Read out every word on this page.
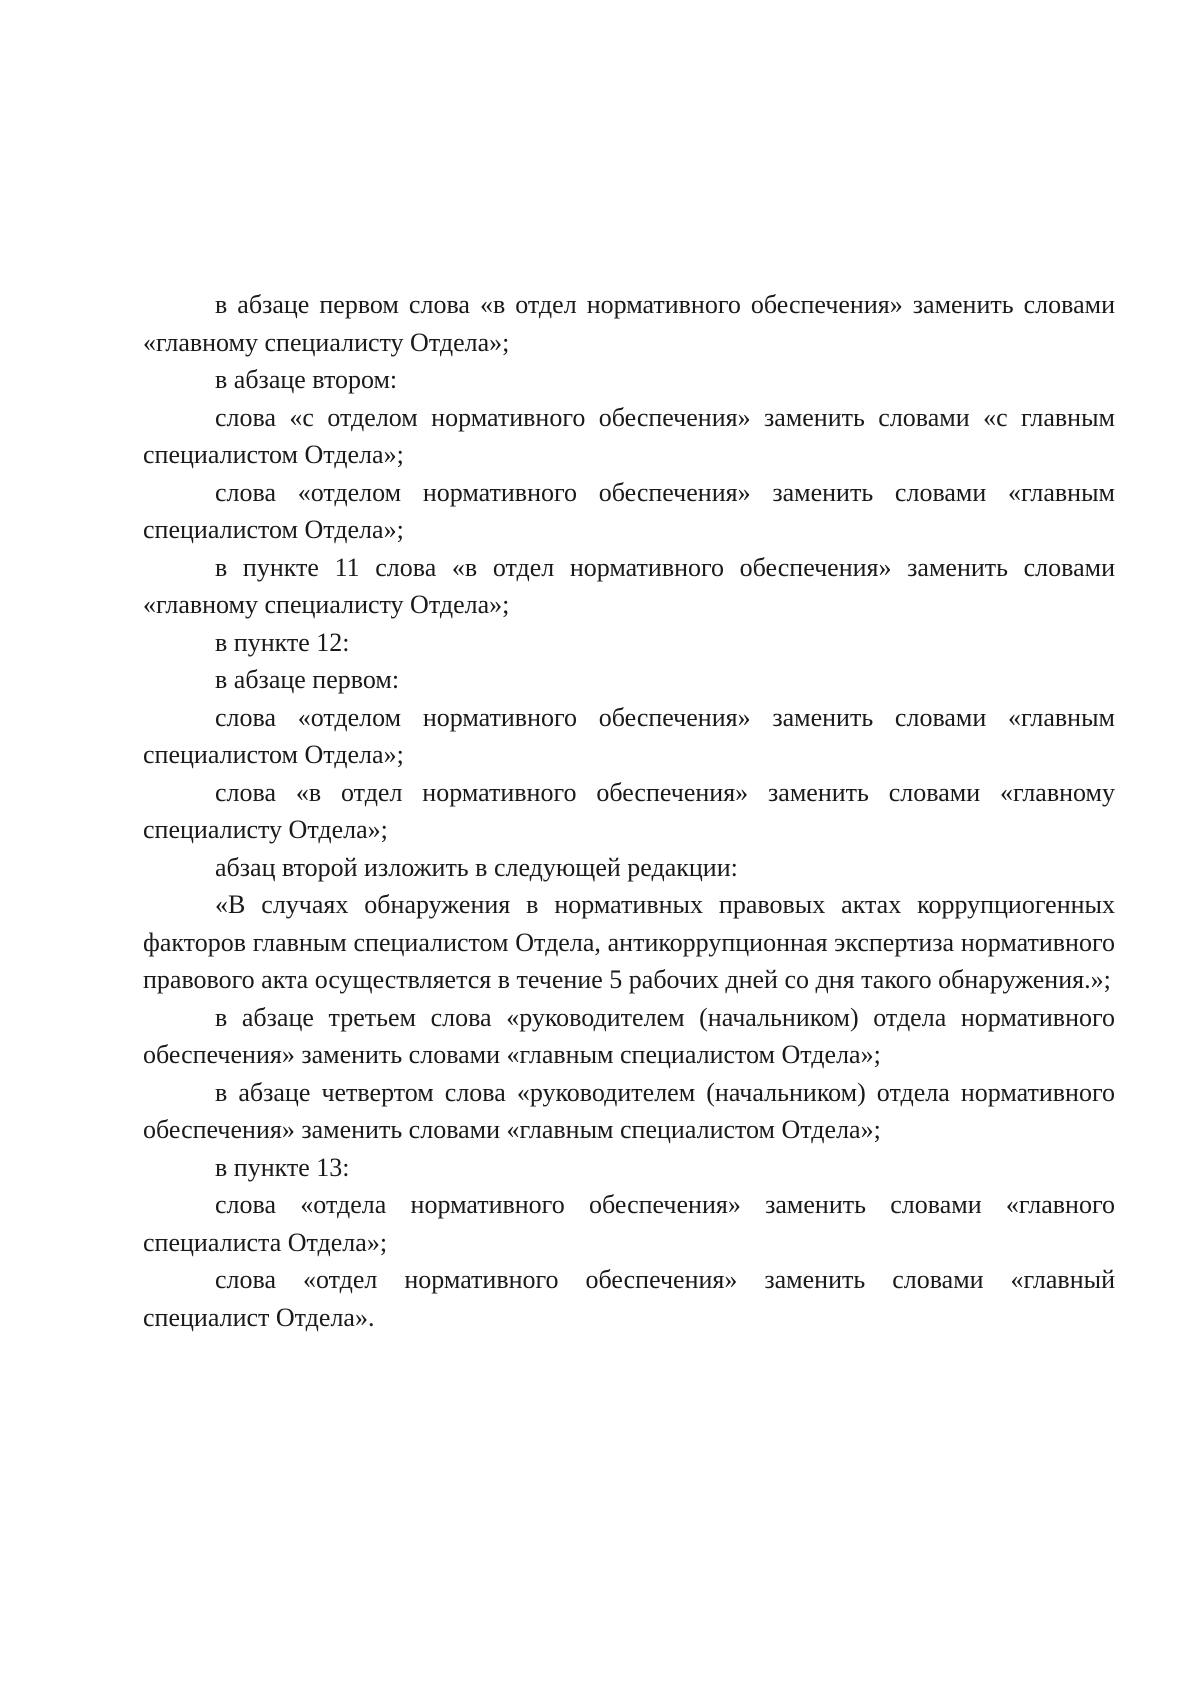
в абзаце первом слова «в отдел нормативного обеспечения» заменить словами «главному специалисту Отдела»;

в абзаце втором:

слова «с отделом нормативного обеспечения» заменить словами «с главным специалистом Отдела»;

слова «отделом нормативного обеспечения» заменить словами «главным специалистом Отдела»;

в пункте 11 слова «в отдел нормативного обеспечения» заменить словами «главному специалисту Отдела»;

в пункте 12:

в абзаце первом:

слова «отделом нормативного обеспечения» заменить словами «главным специалистом Отдела»;

слова «в отдел нормативного обеспечения» заменить словами «главному специалисту Отдела»;

абзац второй изложить в следующей редакции:

«В случаях обнаружения в нормативных правовых актах коррупциогенных факторов главным специалистом Отдела, антикоррупционная экспертиза нормативного правового акта осуществляется в течение 5 рабочих дней со дня такого обнаружения.»;

в абзаце третьем слова «руководителем (начальником) отдела нормативного обеспечения» заменить словами «главным специалистом Отдела»;

в абзаце четвертом слова «руководителем (начальником) отдела нормативного обеспечения» заменить словами «главным специалистом Отдела»;

в пункте 13:

слова «отдела нормативного обеспечения» заменить словами «главного специалиста Отдела»;

слова «отдел нормативного обеспечения» заменить словами «главный специалист Отдела».
